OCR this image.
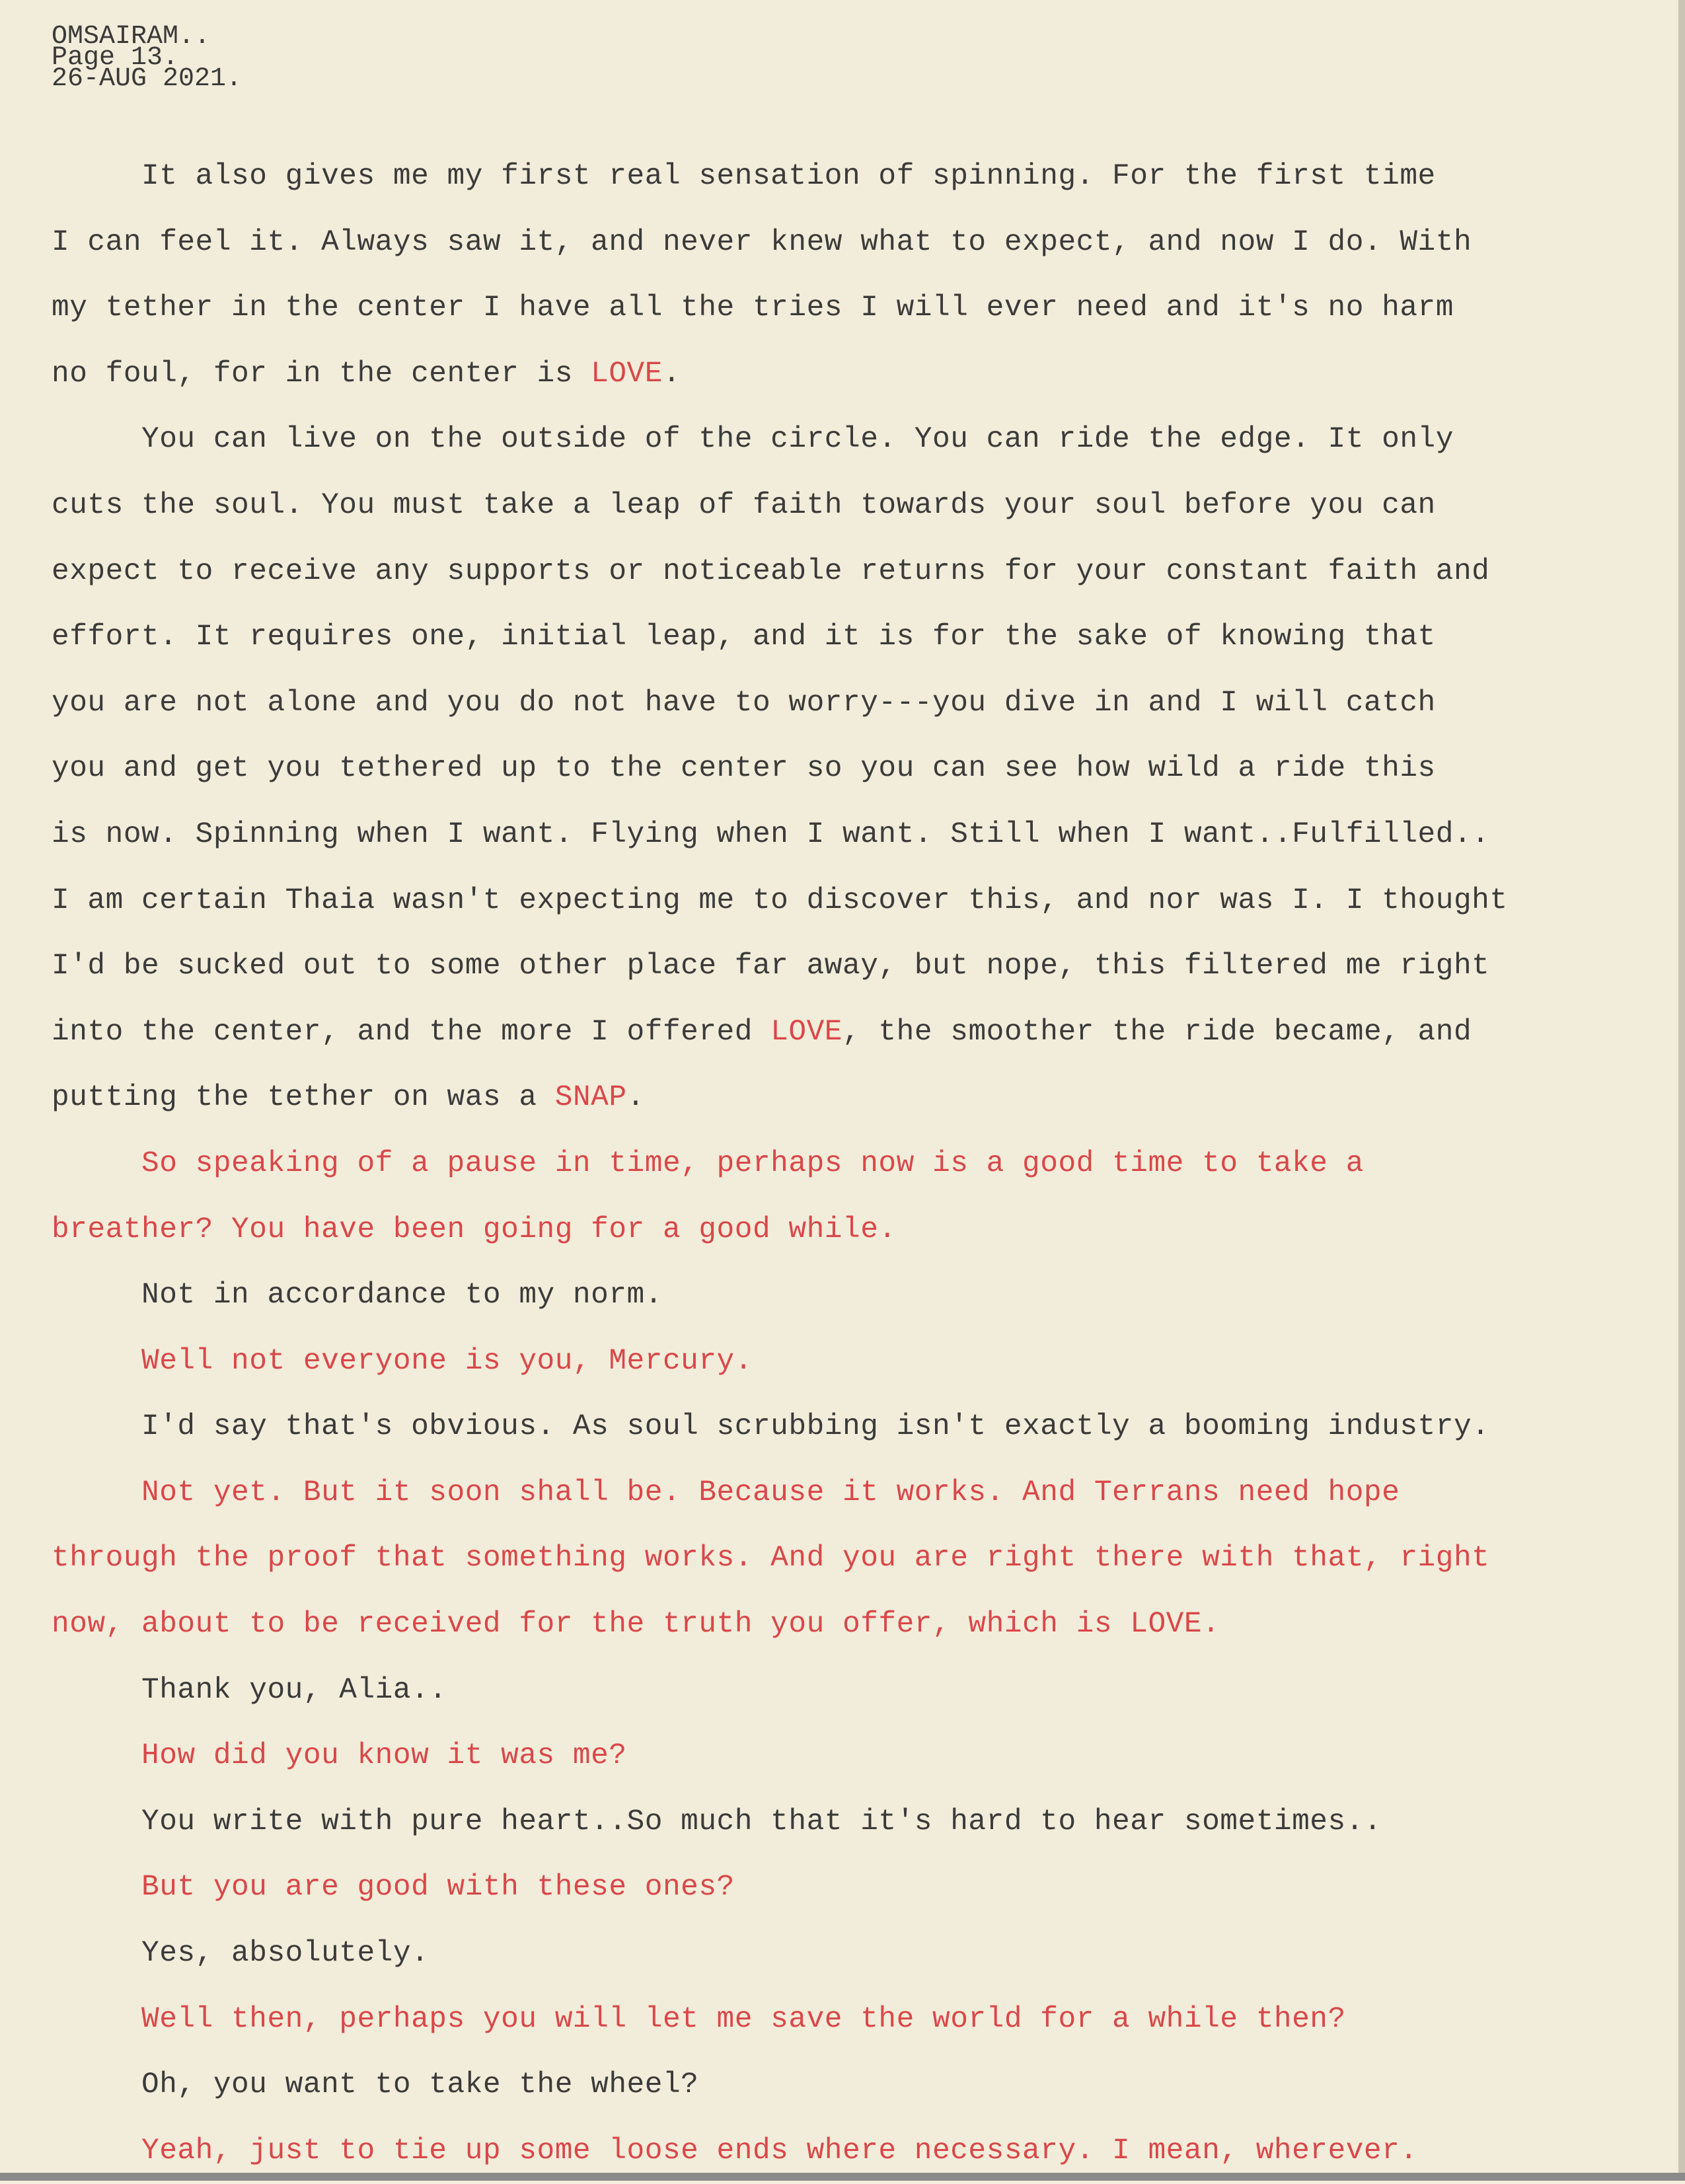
OMSAIRAM..
Page 13.
26-AUG 2021.
It also gives me my first real sensation of spinning. For the first time
I can feel it. Always saw it, and never knew what to expect, and now I do. With
my tether in the center I have all the tries I will ever need and it's no harm
no foul, for in the center is LOVE.
You can live on the outside of the circle. You can ride the edge. It only
cuts the soul. You must take a leap of faith towards your soul before you can
expect to receive any supports or noticeable returns for your constant faith and
effort. It requires one, initial leap, and it is for the sake of knowing that
you are not alone and you do not have to worry---you dive in and I will catch
you and get you tethered up to the center so you can see how wild a ride this
is now. Spinning when I want. Flying when I want. Still when I want..Fulfilled..
I am certain Thaia wasn't expecting me to discover this, and nor was I. I thought
I'd be sucked out to some other place far away, but nope, this filtered me right
into the center, and the more I offered LOVE, the smoother the ride became, and
putting the tether on was a SNAP.
So speaking of a pause in time, perhaps now is a good time to take a
breather? You have been going for a good while.
Not in accordance to my norm.
Well not everyone is you, Mercury.
I'd say that's obvious. As soul scrubbing isn't exactly a booming industry.
Not yet. But it soon shall be. Because it works. And Terrans need hope
through the proof that something works. And you are right there with that, right
now, about to be received for the truth you offer, which is LOVE.
Thank you, Alia..
How did you know it was me?
You write with pure heart..So much that it's hard to hear sometimes..
But you are good with these ones?
Yes, absolutely.
Well then, perhaps you will let me save the world for a while then?
Oh, you want to take the wheel?
Yeah, just to tie up some loose ends where necessary. I mean, wherever.
